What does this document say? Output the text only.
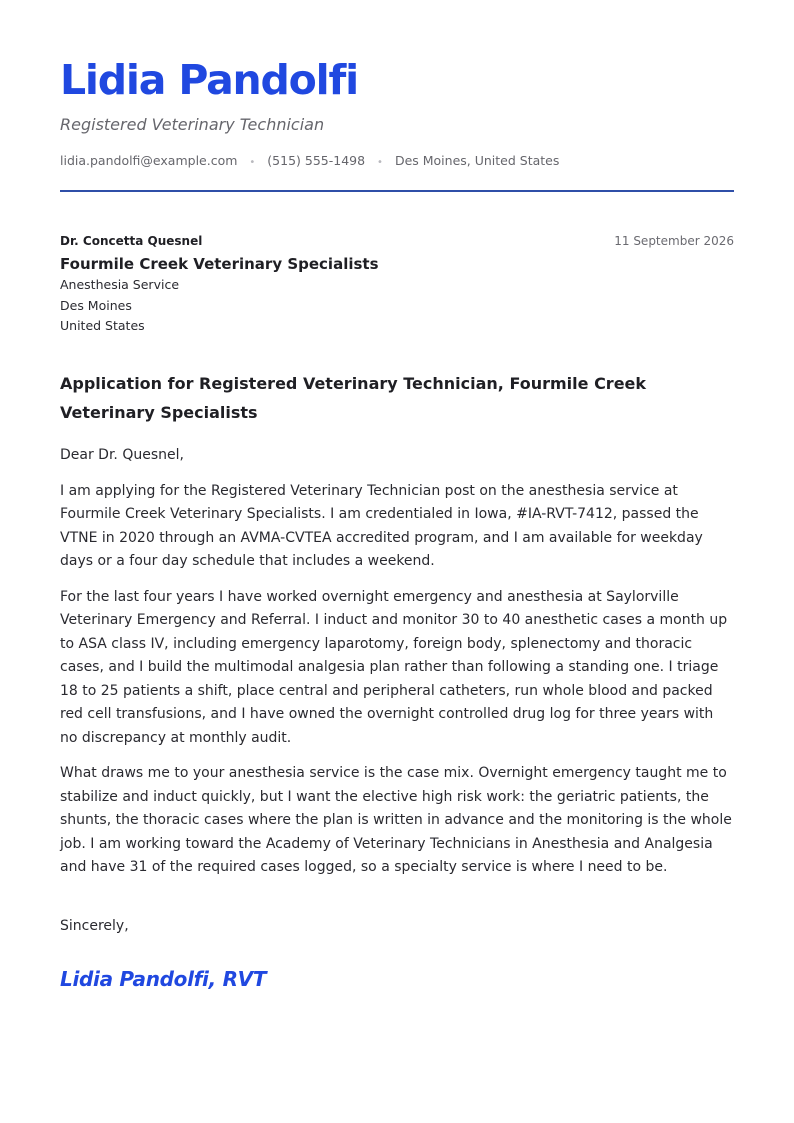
Lidia Pandolfi

Registered Veterinary Technician

lidia.pandolfi@example.com • (515) 555-1498 • Des Moines, United States

Dr. Concetta Quesnel	11 September 2026
Fourmile Creek Veterinary Specialists
Anesthesia Service
Des Moines
United States
Application for Registered Veterinary Technician, Fourmile Creek Veterinary Specialists

Dear Dr. Quesnel,

I am applying for the Registered Veterinary Technician post on the anesthesia service at Fourmile Creek Veterinary Specialists. I am credentialed in Iowa, #IA-RVT-7412, passed the VTNE in 2020 through an AVMA-CVTEA accredited program, and I am available for weekday days or a four day schedule that includes a weekend.

For the last four years I have worked overnight emergency and anesthesia at Saylorville Veterinary Emergency and Referral. I induct and monitor 30 to 40 anesthetic cases a month up to ASA class IV, including emergency laparotomy, foreign body, splenectomy and thoracic cases, and I build the multimodal analgesia plan rather than following a standing one. I triage 18 to 25 patients a shift, place central and peripheral catheters, run whole blood and packed red cell transfusions, and I have owned the overnight controlled drug log for three years with no discrepancy at monthly audit.

What draws me to your anesthesia service is the case mix. Overnight emergency taught me to stabilize and induct quickly, but I want the elective high risk work: the geriatric patients, the shunts, the thoracic cases where the plan is written in advance and the monitoring is the whole job. I am working toward the Academy of Veterinary Technicians in Anesthesia and Analgesia and have 31 of the required cases logged, so a specialty service is where I need to be.

Sincerely,
Lidia Pandolfi, RVT
